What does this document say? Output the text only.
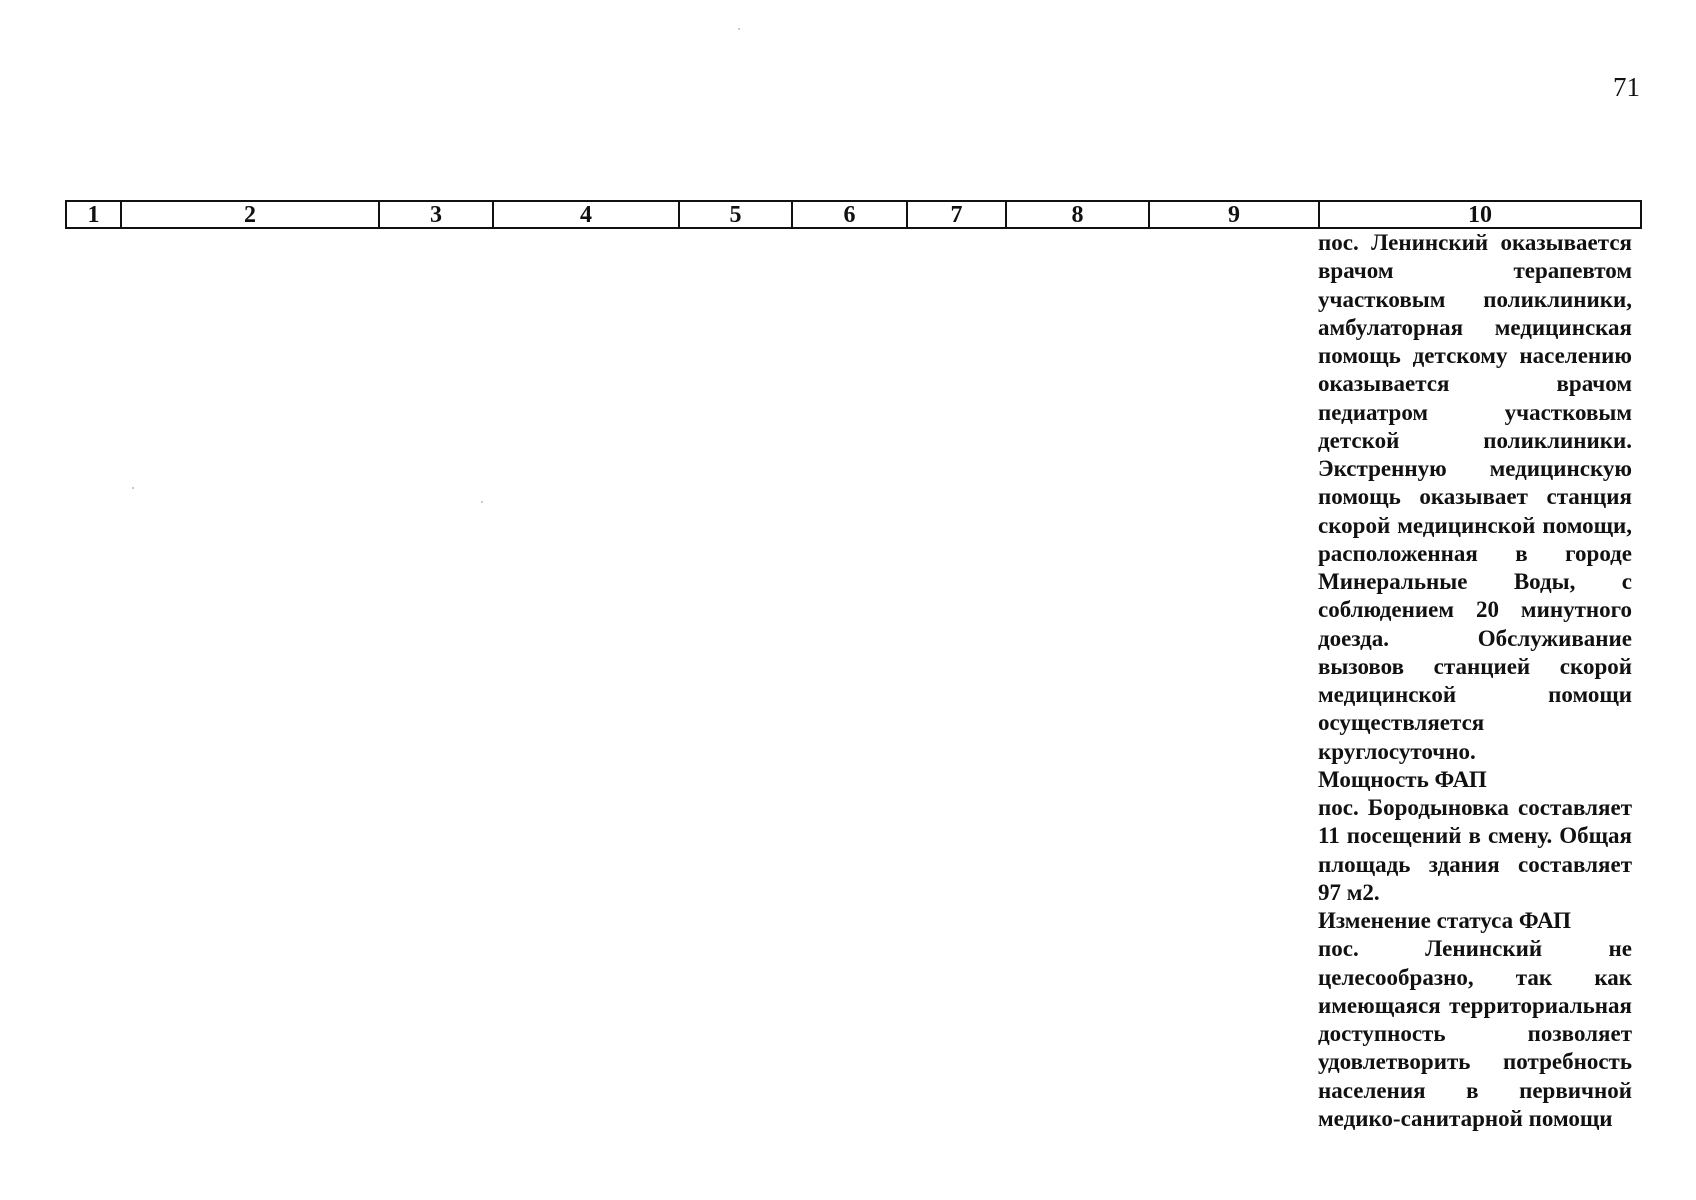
71
1	2	3	4	5	6	7	8	9	10
пос. Ленинский оказывается врачом терапевтом участковым поликлиники, амбулаторная медицинская помощь детскому населению оказывается врачом педиатром участковым детской поликлиники. Экстренную медицинскую помощь оказывает станция скорой медицинской помощи, расположенная в городе Минеральные Воды, с соблюдением 20 минутного доезда. Обслуживание вызовов станцией скорой медицинской помощи осуществляется круглосуточно.
Мощность ФАП
пос. Бородыновка составляет 11 посещений в смену. Общая площадь здания составляет 97 м2.
Изменение статуса ФАП
пос. Ленинский не целесообразно, так как имеющаяся территориальная доступность позволяет удовлетворить потребность населения в первичной медико-санитарной помощи
